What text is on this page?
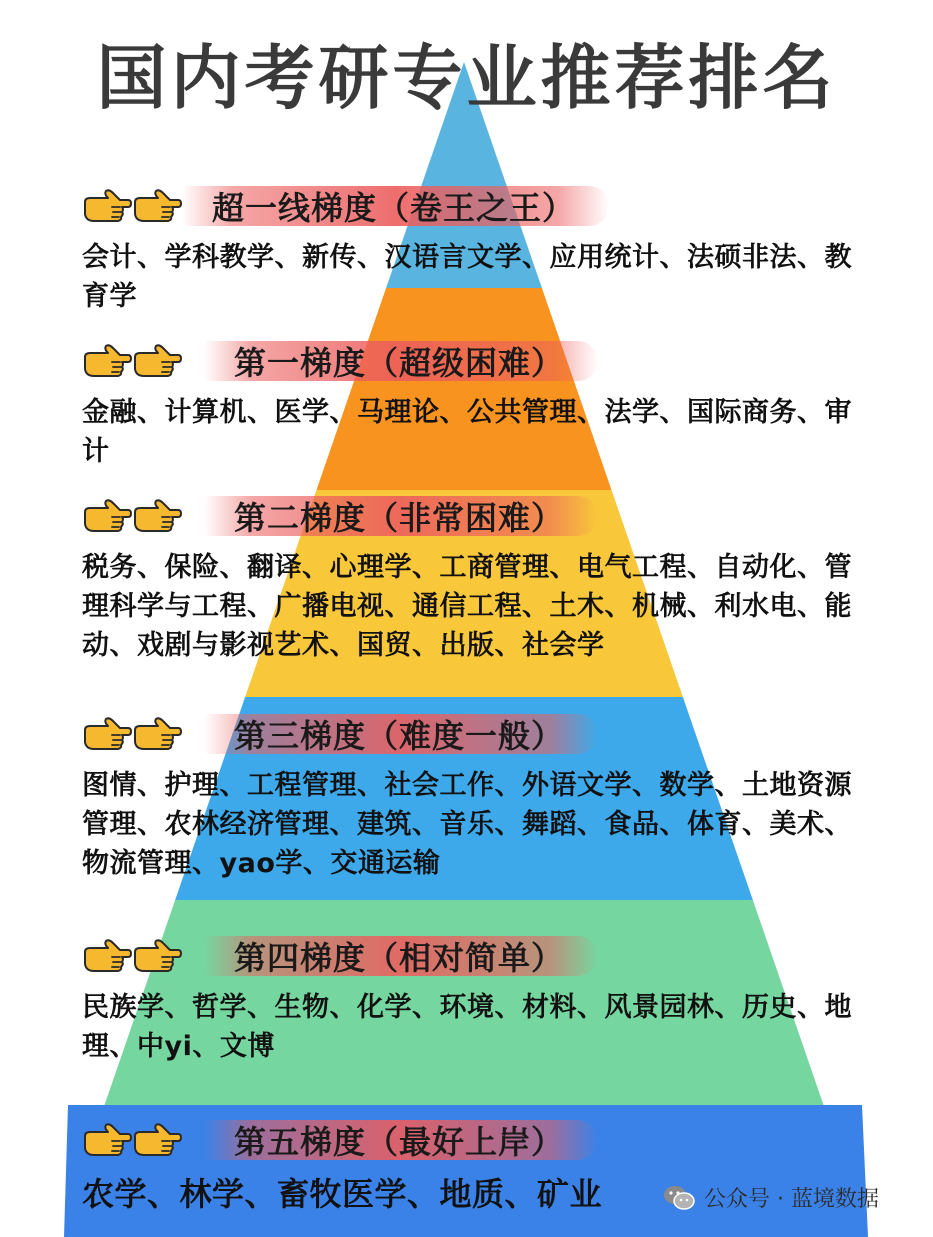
国内考研专业推荐排名
超一线梯度（卷王之王）

会计、学科教学、新传、汉语言文学、应用统计、法硕非法、教育学

第一梯度（超级困难）

金融、计算机、医学、马理论、公共管理、法学、国际商务、审计

第二梯度（非常困难）

税务、保险、翻译、心理学、工商管理、电气工程、自动化、管理科学与工程、广播电视、通信工程、土木、机械、利水电、能动、戏剧与影视艺术、国贸、出版、社会学

第三梯度（难度一般）

图情、护理、工程管理、社会工作、外语文学、数学、土地资源管理、农林经济管理、建筑、音乐、舞蹈、食品、体育、美术、物流管理、yao学、交通运输

第四梯度（相对简单）

民族学、哲学、生物、化学、环境、材料、风景园林、历史、地理、中yi、文博

第五梯度（最好上岸）

农学、林学、畜牧医学、地质、矿业	公众号 · 蓝境数据
